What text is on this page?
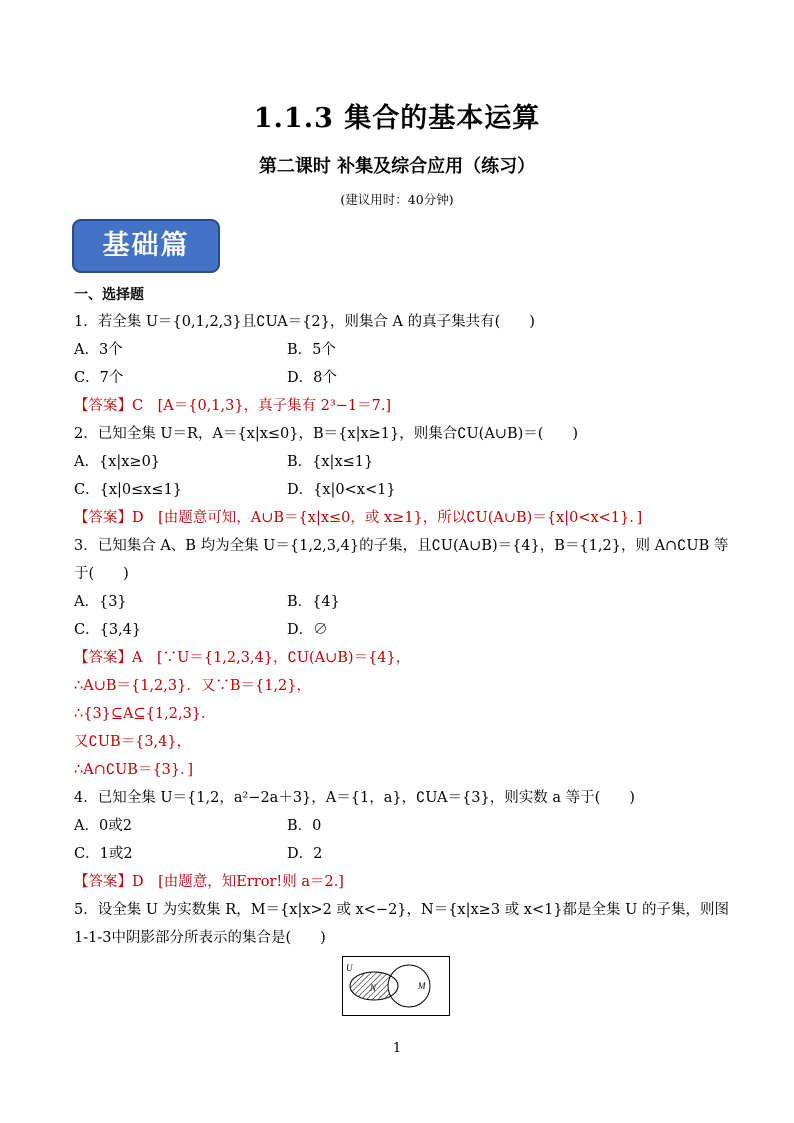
1.1.3 集合的基本运算
第二课时 补集及综合应用（练习）
(建议用时：40分钟)
基础篇
一、选择题
1．若全集 U＝{0,1,2,3}且∁UA＝{2}，则集合 A 的真子集共有(　　)
A．3个	B．5个
C．7个	D．8个
【答案】C　[A＝{0,1,3}，真子集有 2³−1＝7.]
2．已知全集 U＝R，A＝{x|x≤0}，B＝{x|x≥1}，则集合∁U(A∪B)＝(　　)
A．{x|x≥0}	B．{x|x≤1}
C．{x|0≤x≤1}	D．{x|0<x<1}
【答案】D　[由题意可知，A∪B＝{x|x≤0，或 x≥1}，所以∁U(A∪B)＝{x|0<x<1}．]
3．已知集合 A、B 均为全集 U＝{1,2,3,4}的子集，且∁U(A∪B)＝{4}，B＝{1,2}，则 A∩∁UB 等
于(　　)
A．{3}	B．{4}
C．{3,4}	D．∅
【答案】A　[∵U＝{1,2,3,4}，∁U(A∪B)＝{4}，
∴A∪B＝{1,2,3}．又∵B＝{1,2}，
∴{3}⊆A⊆{1,2,3}．
又∁UB＝{3,4}，
∴A∩∁UB＝{3}．]
4．已知全集 U＝{1,2，a²−2a＋3}，A＝{1，a}，∁UA＝{3}，则实数 a 等于(　　)
A．0或2	B．0
C．1或2	D．2
【答案】D　[由题意，知Error!则 a＝2.]
5．设全集 U 为实数集 R，M＝{x|x>2 或 x<−2}，N＝{x|x≥3 或 x<1}都是全集 U 的子集，则图
1-1-3中阴影部分所表示的集合是(　　)
U
N	M
1
